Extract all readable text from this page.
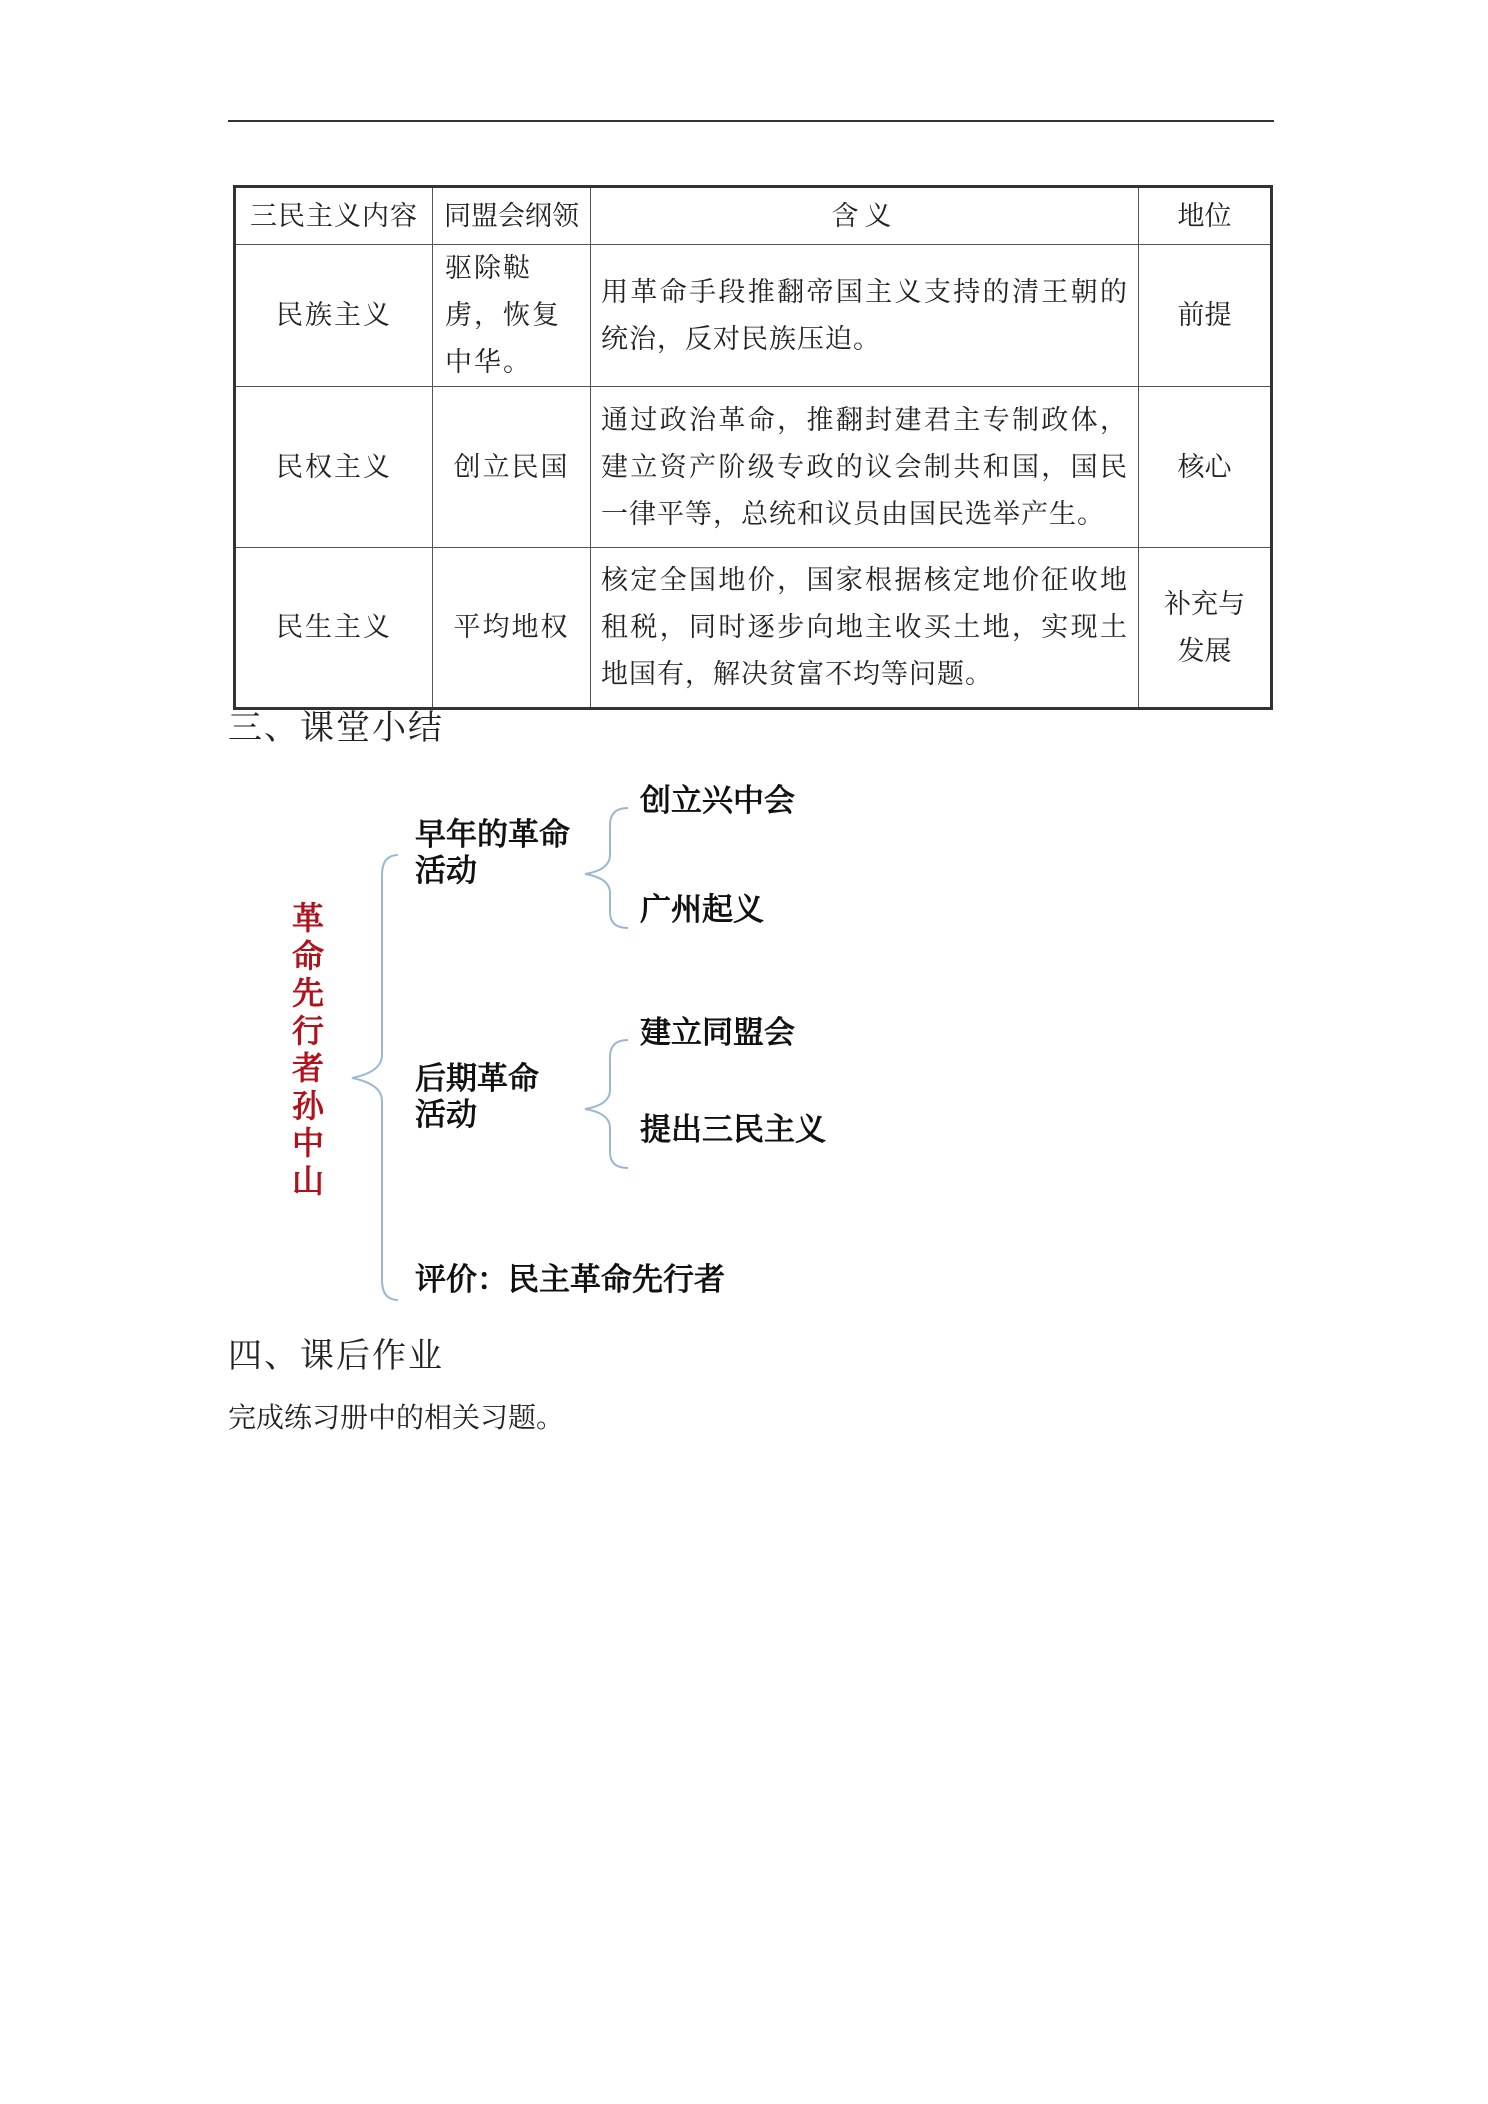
三民主义内容	同盟会纲领	含义	地位
民族主义	驱除鞑虏，恢复中华。	用革命手段推翻帝国主义支持的清王朝的统治，反对民族压迫。	前提
民权主义	创立民国	通过政治革命，推翻封建君主专制政体，建立资产阶级专政的议会制共和国，国民一律平等，总统和议员由国民选举产生。	核心
民生主义	平均地权	核定全国地价，国家根据核定地价征收地租税，同时逐步向地主收买土地，实现土地国有，解决贫富不均等问题。	补充与发展
三、课堂小结
革命先行者孙中山
早年的革命
活动
创立兴中会
广州起义
后期革命
活动
建立同盟会
提出三民主义
评价：民主革命先行者
四、课后作业
完成练习册中的相关习题。
